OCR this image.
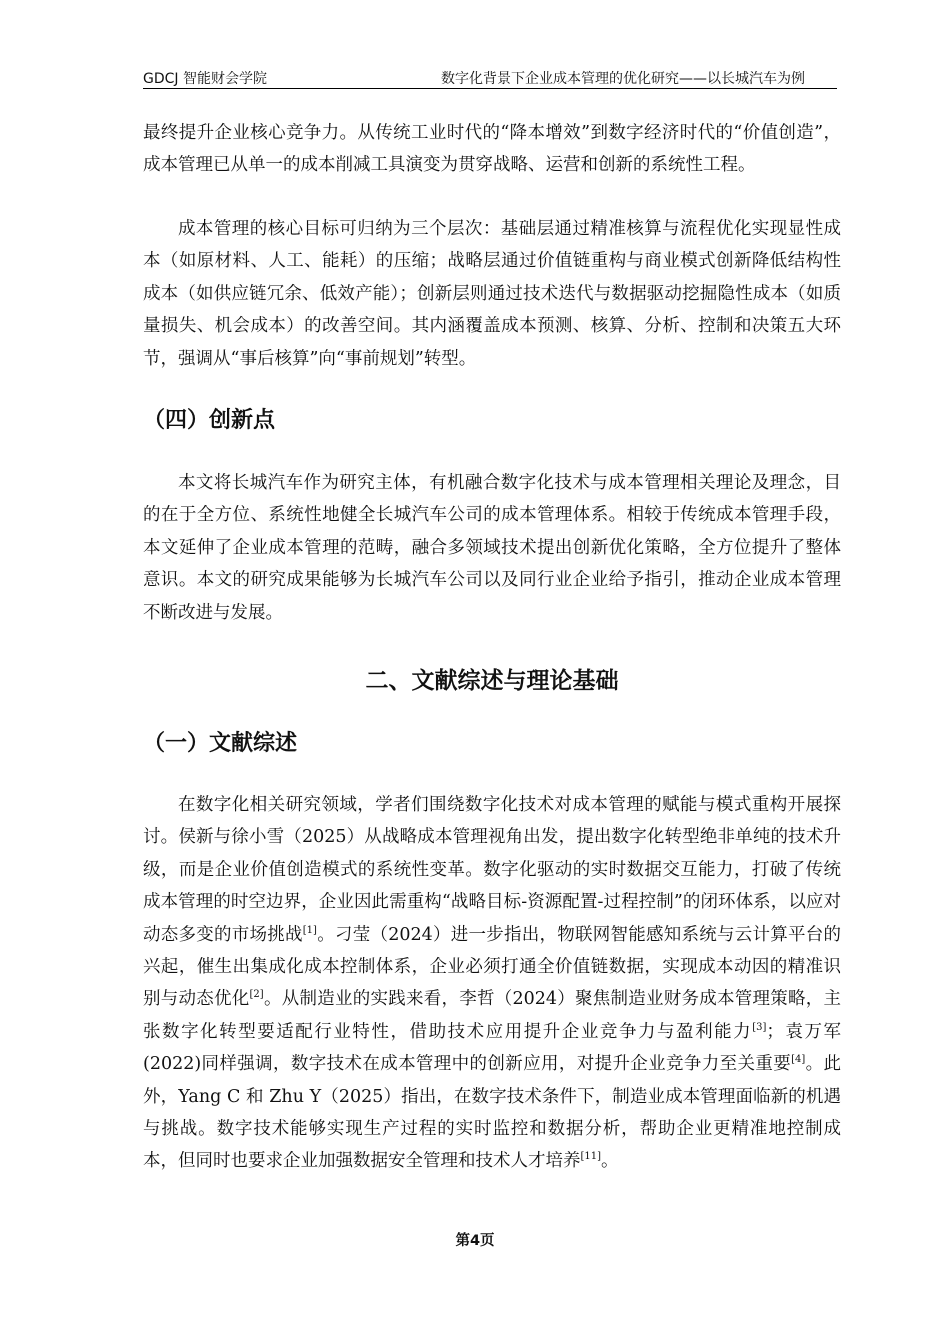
GDCJ 智能财会学院	数字化背景下企业成本管理的优化研究——以长城汽车为例

最终提升企业核心竞争力。从传统工业时代的“降本增效”到数字经济时代的“价值创造”，成本管理已从单一的成本削减工具演变为贯穿战略、运营和创新的系统性工程。

成本管理的核心目标可归纳为三个层次：基础层通过精准核算与流程优化实现显性成本（如原材料、人工、能耗）的压缩；战略层通过价值链重构与商业模式创新降低结构性成本（如供应链冗余、低效产能）；创新层则通过技术迭代与数据驱动挖掘隐性成本（如质量损失、机会成本）的改善空间。其内涵覆盖成本预测、核算、分析、控制和决策五大环节，强调从“事后核算”向“事前规划”转型。

（四）创新点

本文将长城汽车作为研究主体，有机融合数字化技术与成本管理相关理论及理念，目的在于全方位、系统性地健全长城汽车公司的成本管理体系。相较于传统成本管理手段，本文延伸了企业成本管理的范畴，融合多领域技术提出创新优化策略，全方位提升了整体意识。本文的研究成果能够为长城汽车公司以及同行业企业给予指引，推动企业成本管理不断改进与发展。

二、文献综述与理论基础
（一）文献综述

在数字化相关研究领域，学者们围绕数字化技术对成本管理的赋能与模式重构开展探讨。侯新与徐小雪（2025）从战略成本管理视角出发，提出数字化转型绝非单纯的技术升级，而是企业价值创造模式的系统性变革。数字化驱动的实时数据交互能力，打破了传统成本管理的时空边界，企业因此需重构“战略目标-资源配置-过程控制”的闭环体系，以应对动态多变的市场挑战[1]。刁莹（2024）进一步指出，物联网智能感知系统与云计算平台的兴起，催生出集成化成本控制体系，企业必须打通全价值链数据，实现成本动因的精准识别与动态优化[2]。从制造业的实践来看，李哲（2024）聚焦制造业财务成本管理策略，主张数字化转型要适配行业特性，借助技术应用提升企业竞争力与盈利能力[3]；袁万军(2022)同样强调，数字技术在成本管理中的创新应用，对提升企业竞争力至关重要[4]。此外，Yang C 和 Zhu Y（2025）指出，在数字技术条件下，制造业成本管理面临新的机遇与挑战。数字技术能够实现生产过程的实时监控和数据分析，帮助企业更精准地控制成本，但同时也要求企业加强数据安全管理和技术人才培养[11]。

第4页
